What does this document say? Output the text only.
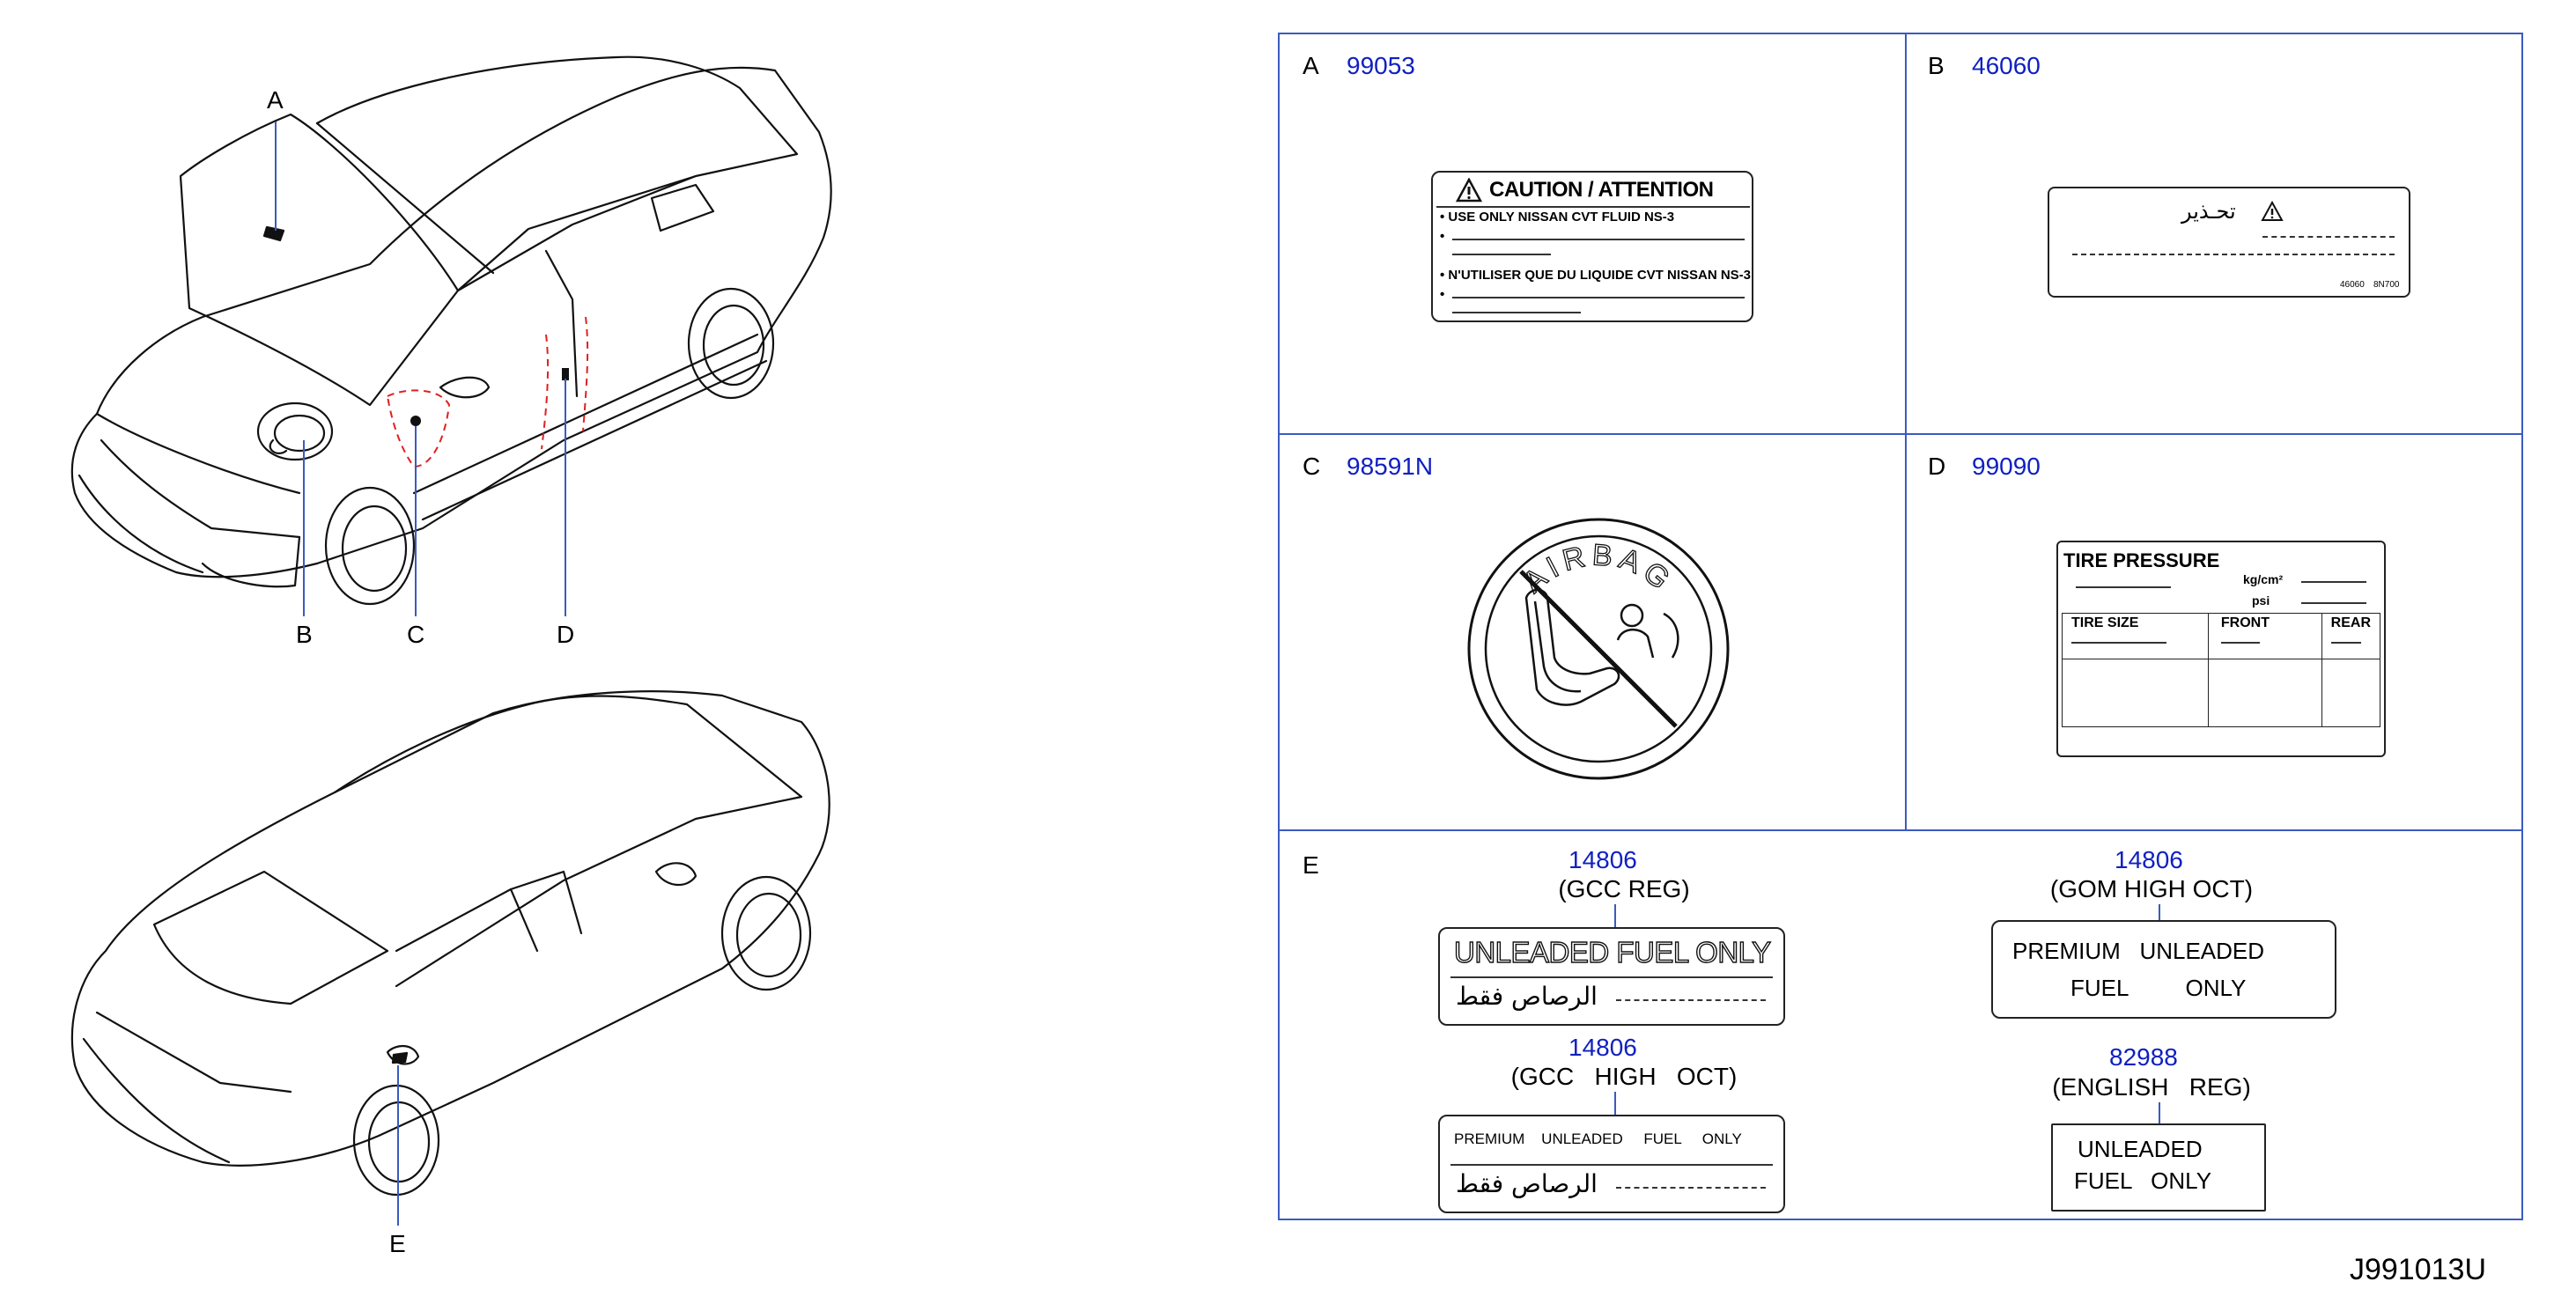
A
B	C	D
E
A 99053
CAUTION / ATTENTION
• USE ONLY NISSAN CVT FLUID NS-3
•
• N'UTILISER QUE DU LIQUIDE CVT NISSAN NS-3
•
B 46060
تحـذير
46060 8N700
C 98591N
AIRBAG
D 99090
TIRE PRESSURE
kg/cm²
psi
TIRE SIZE	FRONT	REAR

E	14806
(GCC REG)
UNLEADED FUEL ONLY
الرصاص فقط
14806
(GOM HIGH OCT)
PREMIUM   UNLEADED
FUEL         ONLY
14806
(GCC   HIGH   OCT)
PREMIUM    UNLEADED     FUEL     ONLY
الرصاص فقط
82988
(ENGLISH   REG)
UNLEADED
FUEL   ONLY
J991013U
